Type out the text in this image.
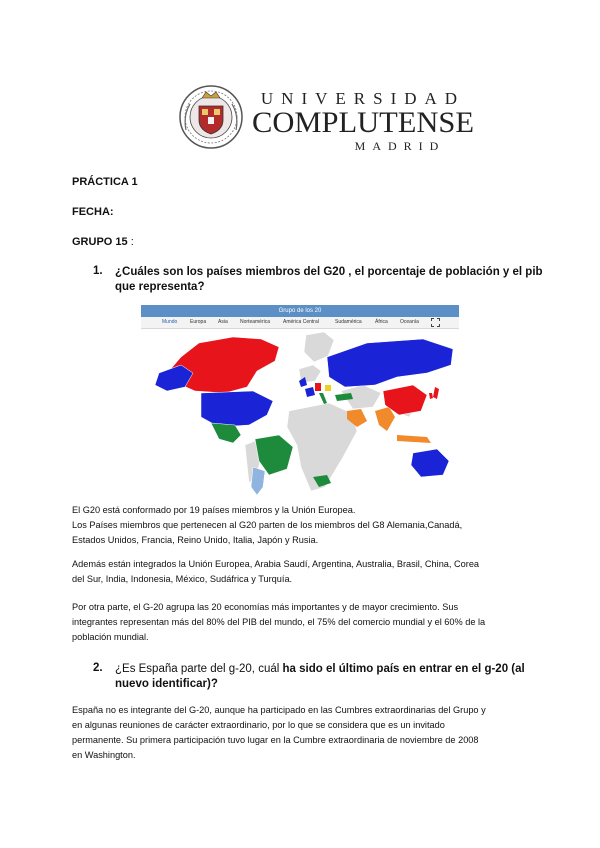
UNIVERSIDAD
COMPLUTENSE
MADRID
PRÁCTICA 1
FECHA:
GRUPO 15 :
1. ¿Cuáles son los países miembros del G20 , el porcentaje de población y el pib
que representa?
Grupo de los 20
Mundo	Europa Asia Norteamérica	América Central	Sudamérica	África Oceanía
El G20 está conformado por 19 países miembros y la Unión Europea.
Los Países miembros que pertenecen al G20 parten de los miembros del G8 Alemania,Canadá,
Estados Unidos, Francia, Reino Unido, Italia, Japón y Rusia.
Además están integrados la Unión Europea, Arabia Saudí, Argentina, Australia, Brasil, China, Corea
del Sur, India, Indonesia, México, Sudáfrica y Turquía.
Por otra parte, el G-20 agrupa las 20 economías más importantes y de mayor crecimiento. Sus
integrantes representan más del 80% del PIB del mundo, el 75% del comercio mundial y el 60% de la
población mundial.
2. ¿Es España parte del g-20, cuál ha sido el último país en entrar en el g-20 (al
nuevo identificar)?
España no es integrante del G-20, aunque ha participado en las Cumbres extraordinarias del Grupo y
en algunas reuniones de carácter extraordinario, por lo que se considera que es un invitado
permanente. Su primera participación tuvo lugar en la Cumbre extraordinaria de noviembre de 2008
en Washington.
